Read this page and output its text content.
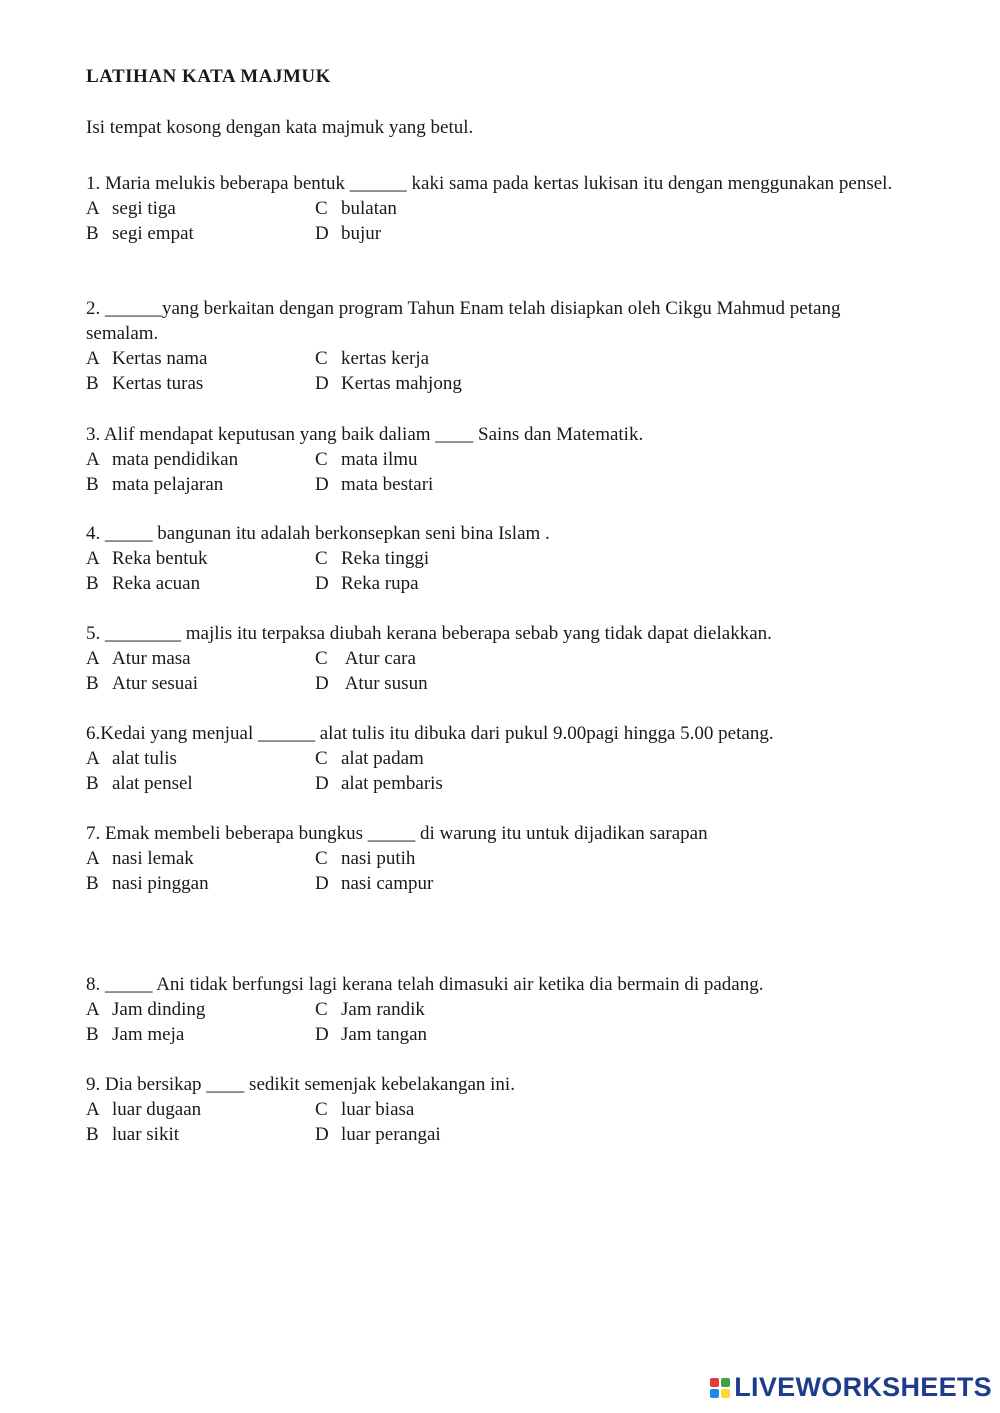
LATIHAN KATA MAJMUK
Isi tempat kosong dengan kata majmuk yang betul.
1. Maria melukis beberapa bentuk ______ kaki sama pada kertas lukisan itu dengan menggunakan pensel.
A segi tiga	C bulatan
B segi empat	D bujur
2. ______yang berkaitan dengan program Tahun Enam telah disiapkan oleh Cikgu Mahmud petang semalam.
A Kertas nama	C kertas kerja
B Kertas turas	D Kertas mahjong
3. Alif mendapat keputusan yang baik daliam ____ Sains dan Matematik.
A mata pendidikan	C mata ilmu
B mata pelajaran	D mata bestari
4. _____ bangunan itu adalah berkonsepkan seni bina Islam .
A Reka bentuk	C Reka tinggi
B Reka acuan	D Reka rupa
5. ________ majlis itu terpaksa diubah kerana beberapa sebab yang tidak dapat dielakkan.
A Atur masa	C Atur cara
B Atur sesuai	D Atur susun
6.Kedai yang menjual ______ alat tulis itu dibuka dari pukul 9.00pagi hingga 5.00 petang.
A alat tulis	C alat padam
B alat pensel	D alat pembaris
7. Emak membeli beberapa bungkus _____ di warung itu untuk dijadikan sarapan
A nasi lemak	C nasi putih
B nasi pinggan	D nasi campur
8. _____ Ani tidak berfungsi lagi kerana telah dimasuki air ketika dia bermain di padang.
A Jam dinding	C Jam randik
B Jam meja	D Jam tangan
9. Dia bersikap ____ sedikit semenjak kebelakangan ini.
A luar dugaan	C luar biasa
B luar sikit	D luar perangai
LIVEWORKSHEETS
